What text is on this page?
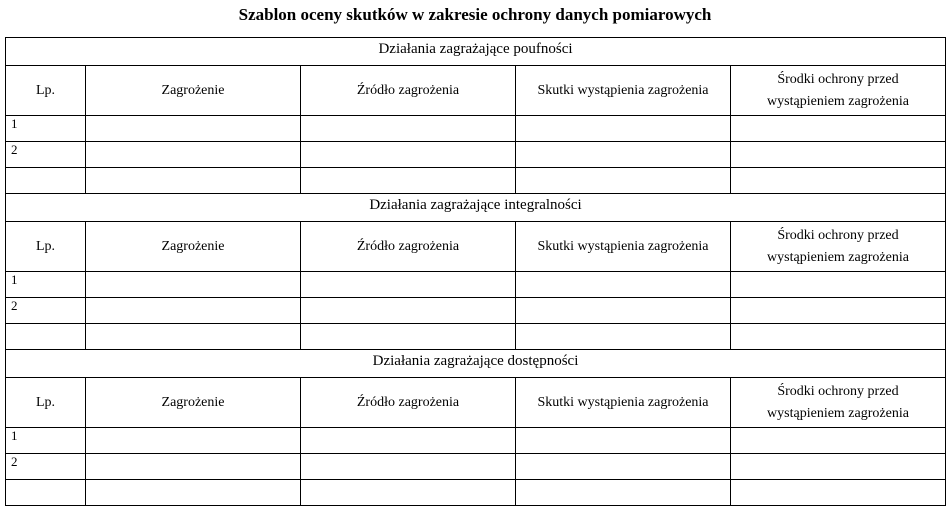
Szablon oceny skutków w zakresie ochrony danych pomiarowych
Działania zagrażające poufności				
Lp.	Zagrożenie	Źródło zagrożenia	Skutki wystąpienia zagrożenia	Środki ochrony przed
wystąpieniem zagrożenia

1				
2				

Działania zagrażające integralności				
Lp.	Zagrożenie	Źródło zagrożenia	Skutki wystąpienia zagrożenia	Środki ochrony przed
wystąpieniem zagrożenia

1				
2				

Działania zagrażające dostępności				
Lp.	Zagrożenie	Źródło zagrożenia	Skutki wystąpienia zagrożenia	Środki ochrony przed
wystąpieniem zagrożenia

1				
2				
